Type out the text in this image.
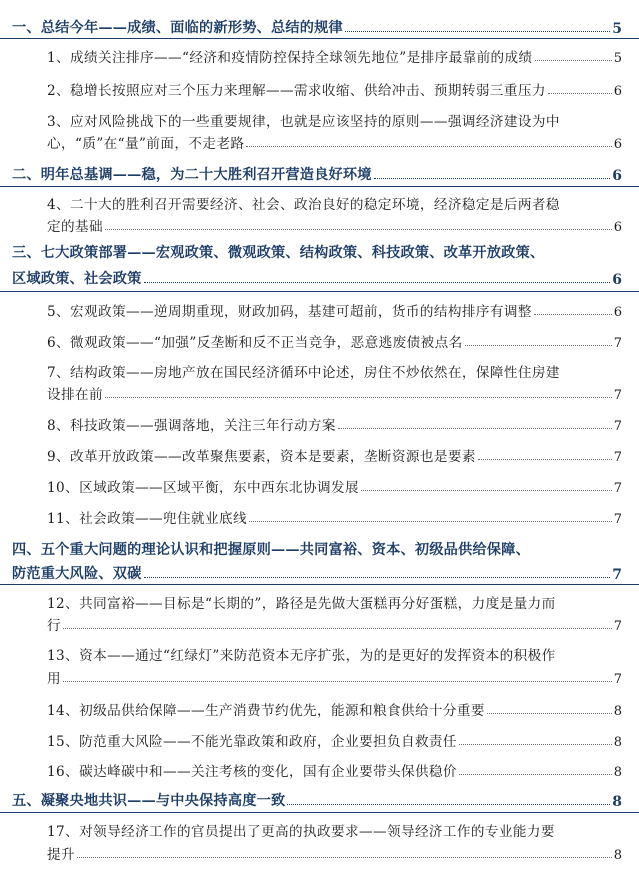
一、总结今年——成绩、面临的新形势、总结的规律	5
1、成绩关注排序——“经济和疫情防控保持全球领先地位”是排序最靠前的成绩	5
2、稳增长按照应对三个压力来理解——需求收缩、供给冲击、预期转弱三重压力	6
3、应对风险挑战下的一些重要规律，也就是应该坚持的原则——强调经济建设为中
心，“质”在“量”前面，不走老路	6
二、明年总基调——稳，为二十大胜利召开营造良好环境	6
4、二十大的胜利召开需要经济、社会、政治良好的稳定环境，经济稳定是后两者稳
定的基础	6
三、七大政策部署——宏观政策、微观政策、结构政策、科技政策、改革开放政策、
区域政策、社会政策	6
5、宏观政策——逆周期重现，财政加码，基建可超前，货币的结构排序有调整	6
6、微观政策——“加强”反垄断和反不正当竞争，恶意逃废债被点名	7
7、结构政策——房地产放在国民经济循环中论述，房住不炒依然在，保障性住房建
设排在前	7
8、科技政策——强调落地，关注三年行动方案	7
9、改革开放政策——改革聚焦要素，资本是要素，垄断资源也是要素	7
10、区域政策——区域平衡，东中西东北协调发展	7
11、社会政策——兜住就业底线	7
四、五个重大问题的理论认识和把握原则——共同富裕、资本、初级品供给保障、
防范重大风险、双碳	7
12、共同富裕——目标是“长期的”，路径是先做大蛋糕再分好蛋糕，力度是量力而
行	7
13、资本——通过“红绿灯”来防范资本无序扩张，为的是更好的发挥资本的积极作
用	7
14、初级品供给保障——生产消费节约优先，能源和粮食供给十分重要	8
15、防范重大风险——不能光靠政策和政府，企业要担负自救责任	8
16、碳达峰碳中和——关注考核的变化，国有企业要带头保供稳价	8
五、凝聚央地共识——与中央保持高度一致	8
17、对领导经济工作的官员提出了更高的执政要求——领导经济工作的专业能力要
提升	8
